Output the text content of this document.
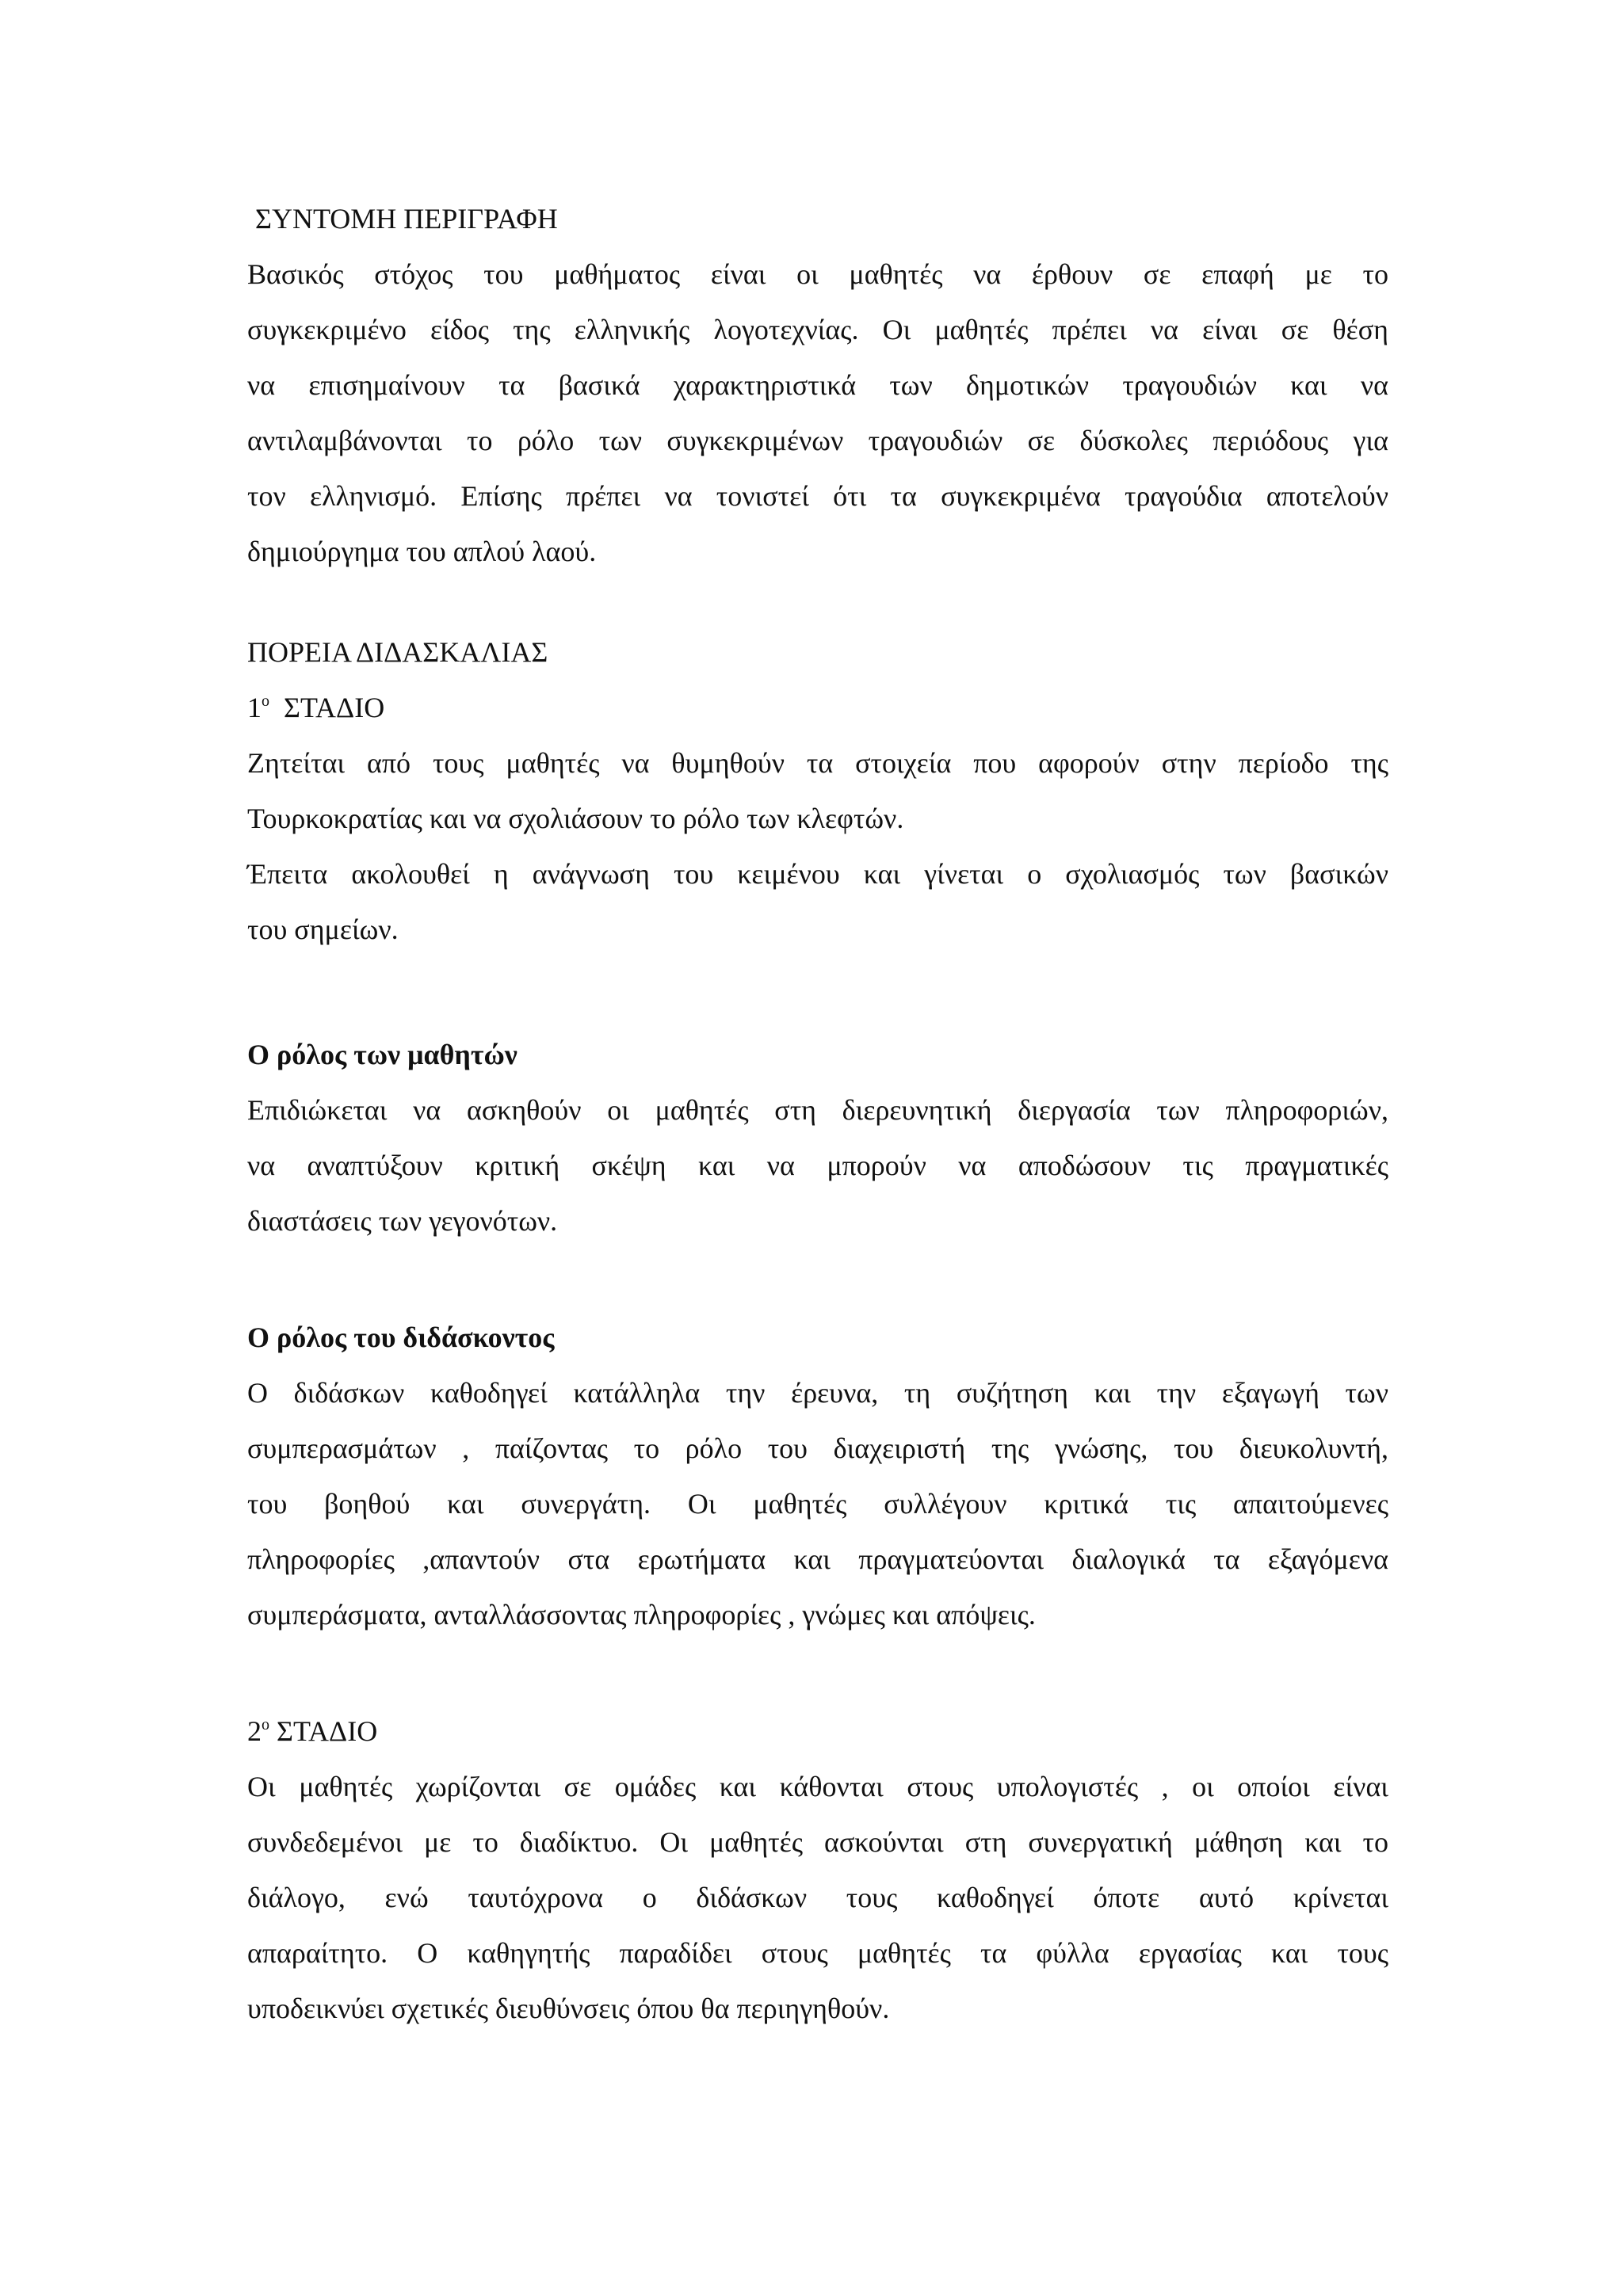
ΣΥΝΤΟΜΗ ΠΕΡΙΓΡΑΦΗ
Βασικός στόχος του μαθήματος είναι οι μαθητές να έρθουν σε επαφή με το
συγκεκριμένο είδος της ελληνικής λογοτεχνίας. Οι μαθητές πρέπει να είναι σε θέση
να επισημαίνουν τα βασικά χαρακτηριστικά των δημοτικών τραγουδιών και να
αντιλαμβάνονται το ρόλο των συγκεκριμένων τραγουδιών σε δύσκολες περιόδους για
τον ελληνισμό. Επίσης πρέπει να τονιστεί ότι τα συγκεκριμένα τραγούδια αποτελούν
δημιούργημα του απλού λαού.
ΠΟΡΕΙΑ ΔΙΔΑΣΚΑΛΙΑΣ
$1^o$ ΣΤΑΔΙΟ
Ζητείται από τους μαθητές να θυμηθούν τα στοιχεία που αφορούν στην περίοδο της
Τουρκοκρατίας και να σχολιάσουν το ρόλο των κλεφτών.
Έπειτα ακολουθεί η ανάγνωση του κειμένου και γίνεται ο σχολιασμός των βασικών
του σημείων.
Ο ρόλος των μαθητών
Επιδιώκεται να ασκηθούν οι μαθητές στη διερευνητική διεργασία των πληροφοριών,
να αναπτύξουν κριτική σκέψη και να μπορούν να αποδώσουν τις πραγματικές
διαστάσεις των γεγονότων.
Ο ρόλος του διδάσκοντος
Ο διδάσκων καθοδηγεί κατάλληλα την έρευνα, τη συζήτηση και την εξαγωγή των
συμπερασμάτων , παίζοντας το ρόλο του διαχειριστή της γνώσης, του διευκολυντή,
του βοηθού και συνεργάτη. Οι μαθητές συλλέγουν κριτικά τις απαιτούμενες
πληροφορίες ,απαντούν στα ερωτήματα και πραγματεύονται διαλογικά τα εξαγόμενα
συμπεράσματα, ανταλλάσσοντας πληροφορίες , γνώμες και απόψεις.
$2^o$ ΣΤΑΔΙΟ
Οι μαθητές χωρίζονται σε ομάδες και κάθονται στους υπολογιστές , οι οποίοι είναι
συνδεδεμένοι με το διαδίκτυο. Οι μαθητές ασκούνται στη συνεργατική μάθηση και το
διάλογο, ενώ ταυτόχρονα ο διδάσκων τους καθοδηγεί όποτε αυτό κρίνεται
απαραίτητο. Ο καθηγητής παραδίδει στους μαθητές τα φύλλα εργασίας και τους
υποδεικνύει σχετικές διευθύνσεις όπου θα περιηγηθούν.
